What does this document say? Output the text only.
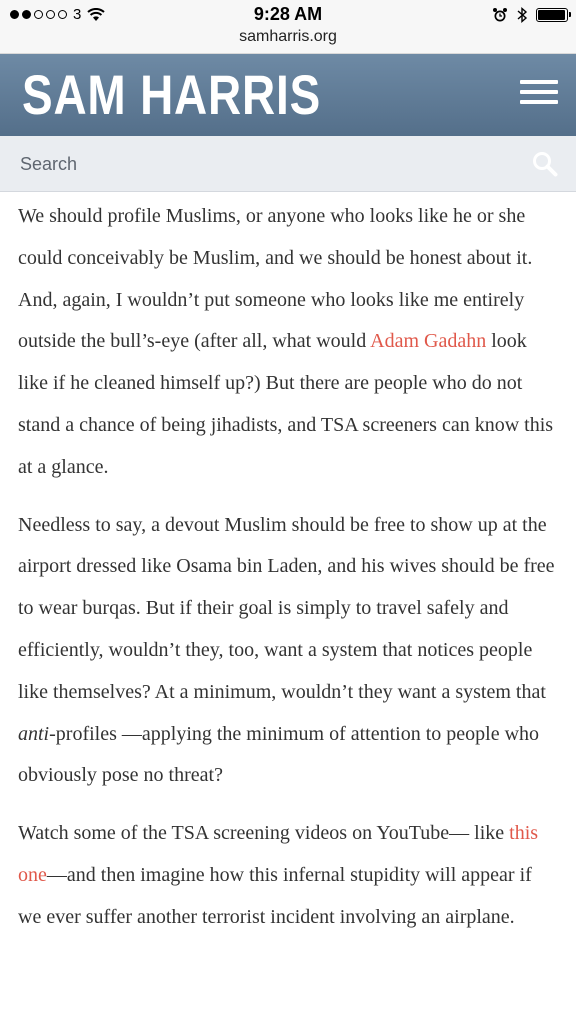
3	9:28 AM
samharris.org
SAM HARRIS
Search

We should profile Muslims, or anyone who looks like he or she could conceivably be Muslim, and we should be honest about it. And, again, I wouldn’t put someone who looks like me entirely outside the bull’s-eye (after all, what would Adam Gadahn look like if he cleaned himself up?) But there are people who do not stand a chance of being jihadists, and TSA screeners can know this at a glance.

Needless to say, a devout Muslim should be free to show up at the airport dressed like Osama bin Laden, and his wives should be free to wear burqas. But if their goal is simply to travel safely and efficiently, wouldn’t they, too, want a system that notices people like themselves? At a minimum, wouldn’t they want a system that anti-profiles —applying the minimum of attention to people who obviously pose no threat?

Watch some of the TSA screening videos on YouTube— like this one—and then imagine how this infernal stupidity will appear if we ever suffer another terrorist incident involving an airplane.
